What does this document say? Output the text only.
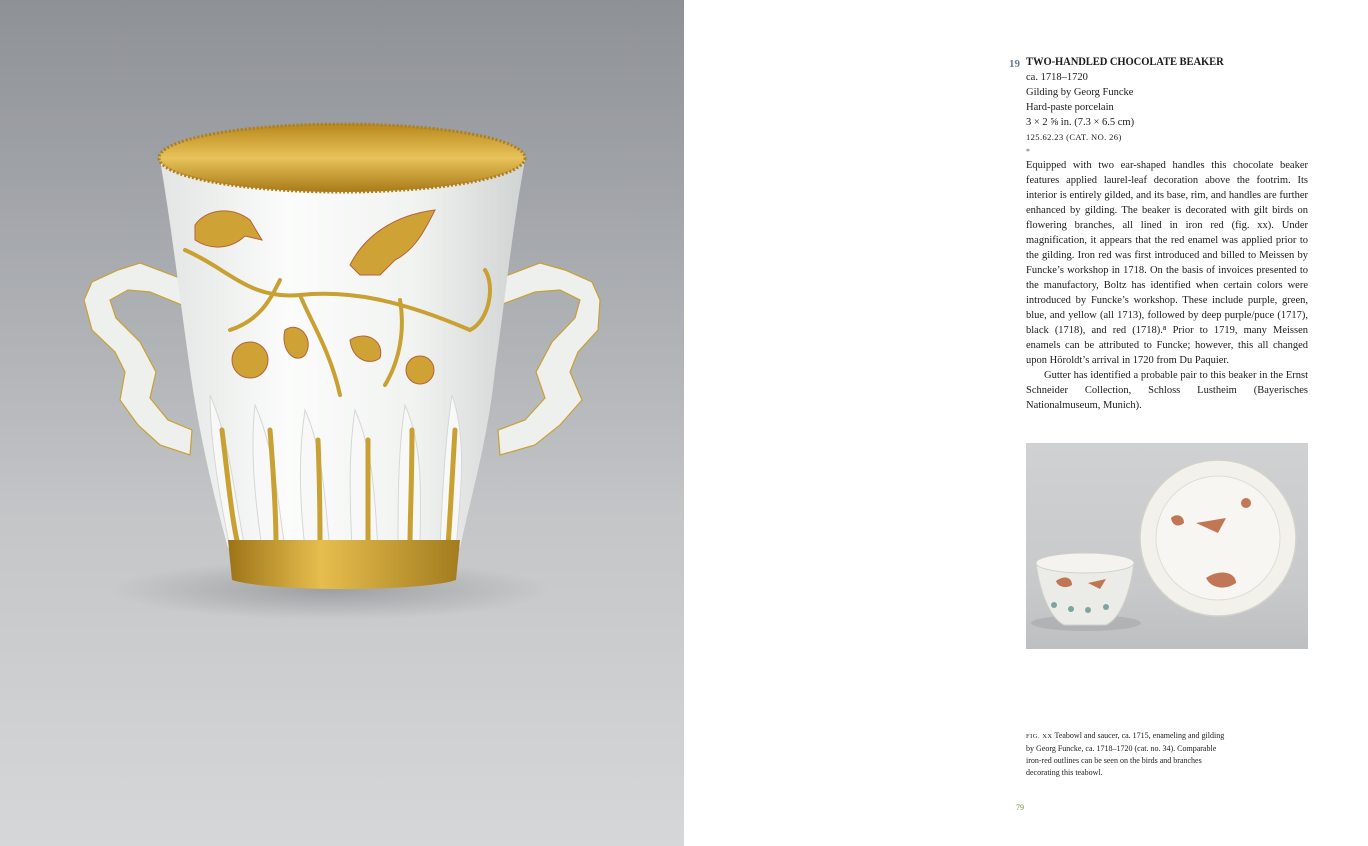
19 TWO-HANDLED CHOCOLATE BEAKER
ca. 1718–1720
Gilding by Georg Funcke
Hard-paste porcelain
3 × 2 ⅝ in. (7.3 × 6.5 cm)
125.62.23 (CAT. NO. 26)
*

Equipped with two ear-shaped handles this chocolate beaker features applied laurel-leaf decoration above the footrim. Its interior is entirely gilded, and its base, rim, and handles are further enhanced by gilding. The beaker is decorated with gilt birds on flowering branches, all lined in iron red (fig. xx). Under magnification, it appears that the red enamel was applied prior to the gilding. Iron red was first introduced and billed to Meissen by Funcke’s workshop in 1718. On the basis of invoices presented to the manufactory, Boltz has identified when certain colors were introduced by Funcke’s workshop. These include purple, green, blue, and yellow (all 1713), followed by deep purple/puce (1717), black (1718), and red (1718).⁸ Prior to 1719, many Meissen enamels can be attributed to Funcke; however, this all changed upon Höroldt’s arrival in 1720 from Du Paquier.

Gutter has identified a probable pair to this beaker in the Ernst Schneider Collection, Schloss Lustheim (Bayerisches Nationalmuseum, Munich).

FIG. XX Teabowl and saucer, ca. 1715, enameling and gilding by Georg Funcke, ca. 1718–1720 (cat. no. 34). Comparable iron-red outlines can be seen on the birds and branches decorating this teabowl.
79
